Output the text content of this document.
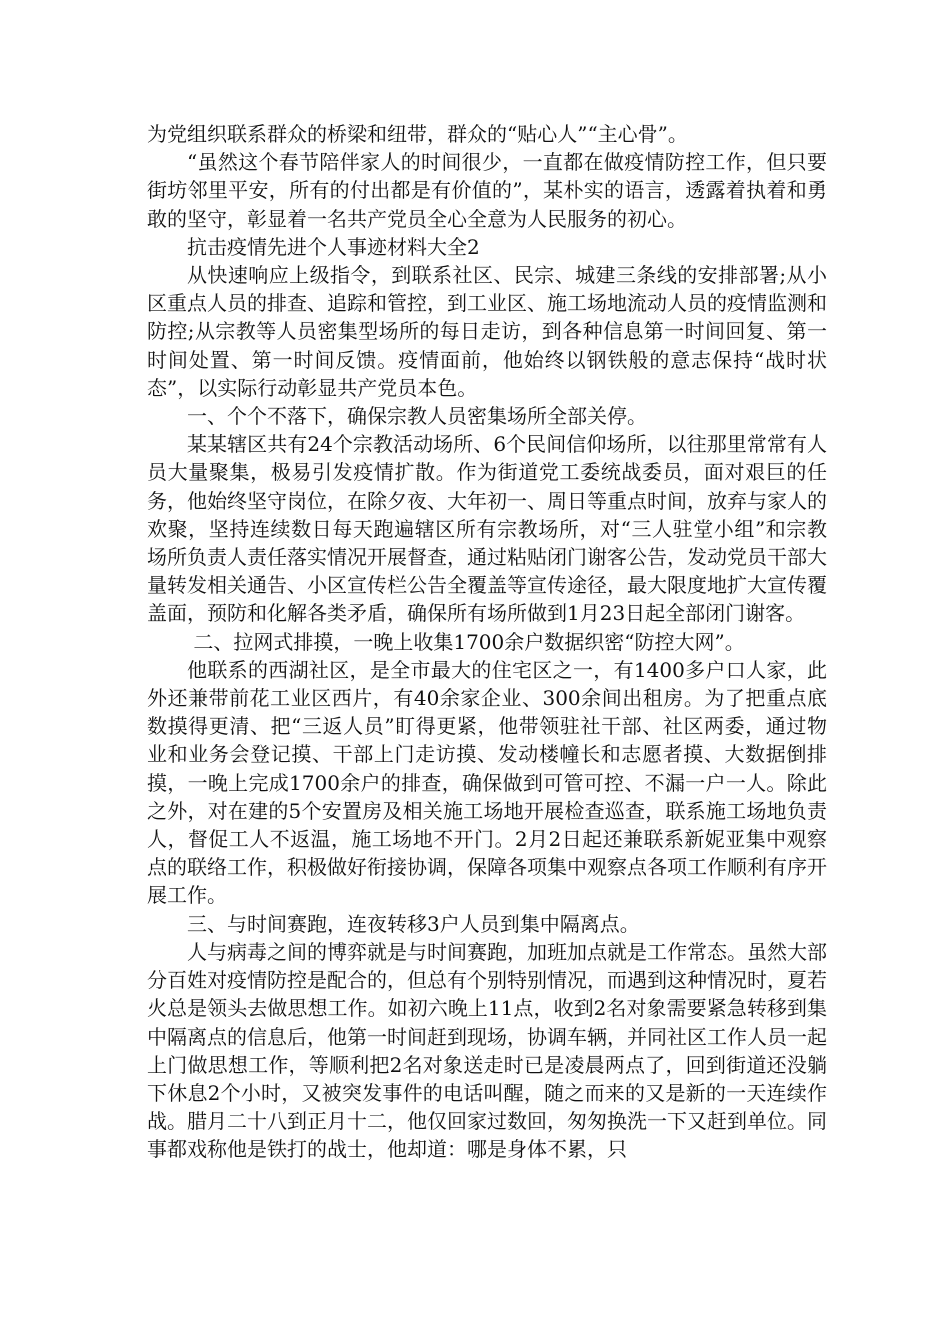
为党组织联系群众的桥梁和纽带，群众的“贴心人”“主心骨”。

“虽然这个春节陪伴家人的时间很少，一直都在做疫情防控工作，但只要街坊邻里平安，所有的付出都是有价值的”，某朴实的语言，透露着执着和勇敢的坚守，彰显着一名共产党员全心全意为人民服务的初心。

抗击疫情先进个人事迹材料大全2

从快速响应上级指令，到联系社区、民宗、城建三条线的安排部署;从小区重点人员的排查、追踪和管控，到工业区、施工场地流动人员的疫情监测和防控;从宗教等人员密集型场所的每日走访，到各种信息第一时间回复、第一时间处置、第一时间反馈。疫情面前，他始终以钢铁般的意志保持“战时状态”，以实际行动彰显共产党员本色。

一、个个不落下，确保宗教人员密集场所全部关停。

某某辖区共有24个宗教活动场所、6个民间信仰场所，以往那里常常有人员大量聚集，极易引发疫情扩散。作为街道党工委统战委员，面对艰巨的任务，他始终坚守岗位，在除夕夜、大年初一、周日等重点时间，放弃与家人的欢聚，坚持连续数日每天跑遍辖区所有宗教场所，对“三人驻堂小组”和宗教场所负责人责任落实情况开展督查，通过粘贴闭门谢客公告，发动党员干部大量转发相关通告、小区宣传栏公告全覆盖等宣传途径，最大限度地扩大宣传覆盖面，预防和化解各类矛盾，确保所有场所做到1月23日起全部闭门谢客。

二、拉网式排摸，一晚上收集1700余户数据织密“防控大网”。

他联系的西湖社区，是全市最大的住宅区之一，有1400多户口人家，此外还兼带前花工业区西片，有40余家企业、300余间出租房。为了把重点底数摸得更清、把“三返人员”盯得更紧，他带领驻社干部、社区两委，通过物业和业务会登记摸、干部上门走访摸、发动楼幢长和志愿者摸、大数据倒排摸，一晚上完成1700余户的排查，确保做到可管可控、不漏一户一人。除此之外，对在建的5个安置房及相关施工场地开展检查巡查，联系施工场地负责人，督促工人不返温，施工场地不开门。2月2日起还兼联系新妮亚集中观察点的联络工作，积极做好衔接协调，保障各项集中观察点各项工作顺利有序开展工作。

三、与时间赛跑，连夜转移3户人员到集中隔离点。

人与病毒之间的博弈就是与时间赛跑，加班加点就是工作常态。虽然大部分百姓对疫情防控是配合的，但总有个别特别情况，而遇到这种情况时，夏若火总是领头去做思想工作。如初六晚上11点，收到2名对象需要紧急转移到集中隔离点的信息后，他第一时间赶到现场，协调车辆，并同社区工作人员一起上门做思想工作，等顺利把2名对象送走时已是凌晨两点了，回到街道还没躺下休息2个小时，又被突发事件的电话叫醒，随之而来的又是新的一天连续作战。腊月二十八到正月十二，他仅回家过数回，匆匆换洗一下又赶到单位。同事都戏称他是铁打的战士，他却道：哪是身体不累，只
